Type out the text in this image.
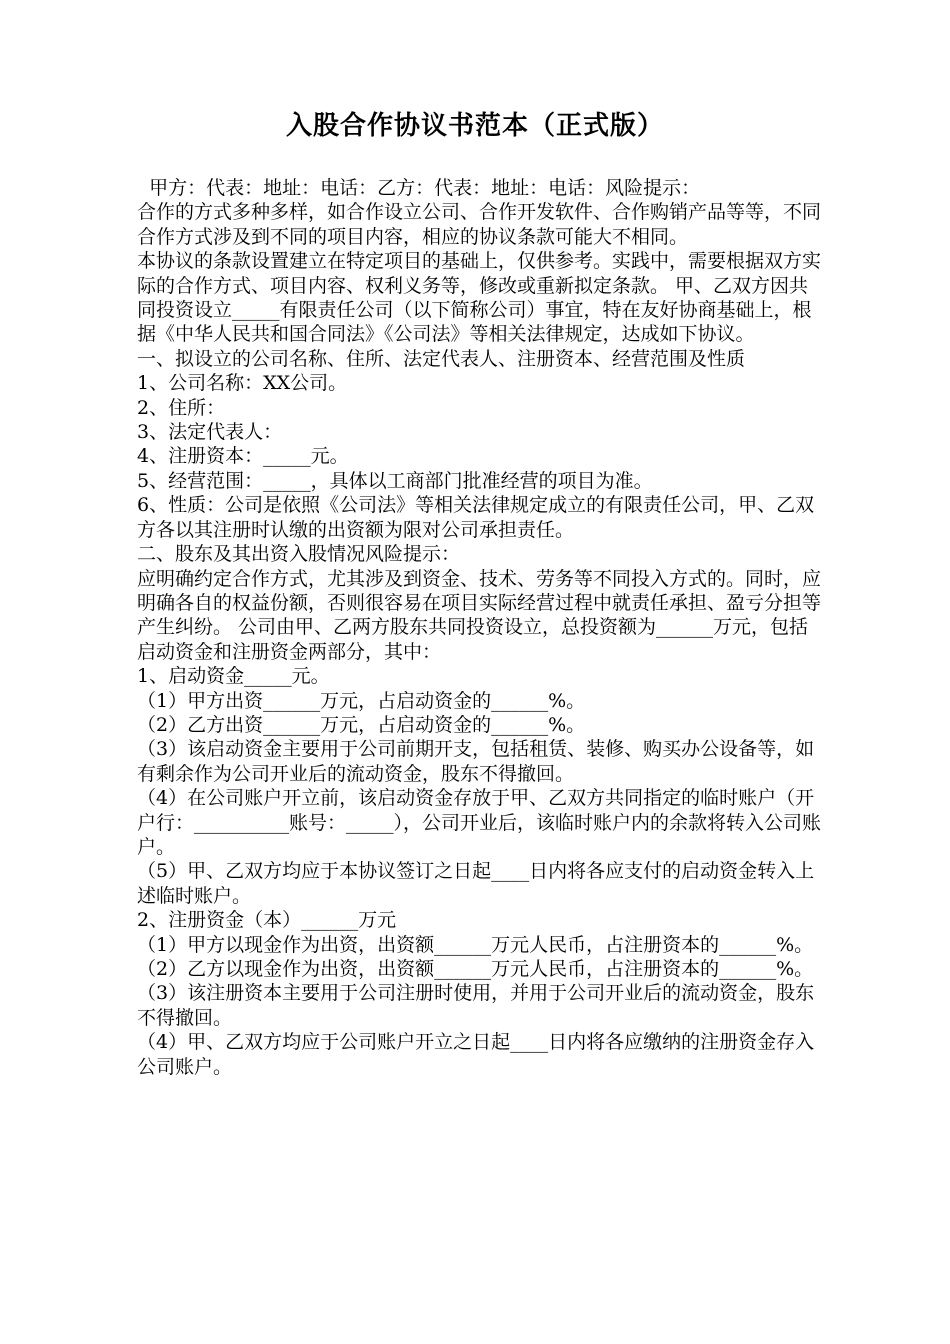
入股合作协议书范本（正式版）

甲方：代表：地址：电话：乙方：代表：地址：电话：风险提示：

合作的方式多种多样，如合作设立公司、合作开发软件、合作购销产品等等，不同合作方式涉及到不同的项目内容，相应的协议条款可能大不相同。

本协议的条款设置建立在特定项目的基础上，仅供参考。实践中，需要根据双方实际的合作方式、项目内容、权利义务等，修改或重新拟定条款。 甲、乙双方因共同投资设立_____有限责任公司（以下简称公司）事宜，特在友好协商基础上，根据《中华人民共和国合同法》《公司法》等相关法律规定，达成如下协议。

一、拟设立的公司名称、住所、法定代表人、注册资本、经营范围及性质

1、公司名称：XX公司。

2、住所：

3、法定代表人：

4、注册资本：_____元。

5、经营范围：_____，具体以工商部门批准经营的项目为准。

6、性质：公司是依照《公司法》等相关法律规定成立的有限责任公司，甲、乙双方各以其注册时认缴的出资额为限对公司承担责任。

二、股东及其出资入股情况风险提示：

应明确约定合作方式，尤其涉及到资金、技术、劳务等不同投入方式的。同时，应明确各自的权益份额，否则很容易在项目实际经营过程中就责任承担、盈亏分担等产生纠纷。 公司由甲、乙两方股东共同投资设立，总投资额为______万元，包括启动资金和注册资金两部分，其中：

1、启动资金_____元。

（1）甲方出资______万元，占启动资金的______%。

（2）乙方出资______万元，占启动资金的______%。

（3）该启动资金主要用于公司前期开支，包括租赁、装修、购买办公设备等，如有剩余作为公司开业后的流动资金，股东不得撤回。

（4）在公司账户开立前，该启动资金存放于甲、乙双方共同指定的临时账户（开户行：__________账号：_____），公司开业后，该临时账户内的余款将转入公司账户。

（5）甲、乙双方均应于本协议签订之日起____日内将各应支付的启动资金转入上述临时账户。

2、注册资金（本）______万元

（1）甲方以现金作为出资，出资额______万元人民币，占注册资本的______%。

（2）乙方以现金作为出资，出资额______万元人民币，占注册资本的______%。

（3）该注册资本主要用于公司注册时使用，并用于公司开业后的流动资金，股东不得撤回。

（4）甲、乙双方均应于公司账户开立之日起____日内将各应缴纳的注册资金存入公司账户。
